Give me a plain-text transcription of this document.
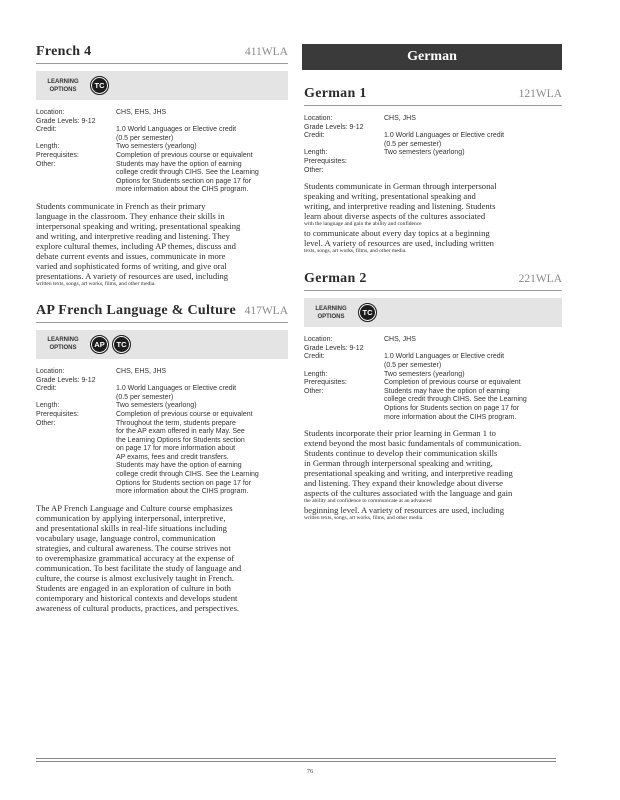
French 4	411WLA
LEARNING
OPTIONS	TC
Location:	CHS, EHS, JHS
Grade Levels: 9-12
Credit:	1.0 World Languages or Elective credit
(0.5 per semester)
Length:	Two semesters (yearlong)
Prerequisites:	Completion of previous course or equivalent
Other:	Students may have the option of earning
college credit through CIHS. See the Learning
Options for Students section on page 17 for
more information about the CIHS program.
Students communicate in French as their primary
language in the classroom. They enhance their skills in
interpersonal speaking and writing, presentational speaking
and writing, and interpretive reading and listening. They
explore cultural themes, including AP themes, discuss and
debate current events and issues, communicate in more
varied and sophisticated forms of writing, and give oral
presentations. A variety of resources are used, including
written texts, songs, art works, films, and other media.
AP French Language & Culture 417WLA
LEARNING
OPTIONS	AP	TC
Location:	CHS, EHS, JHS
Grade Levels: 9-12
Credit:	1.0 World Languages or Elective credit
(0.5 per semester)
Length:	Two semesters (yearlong)
Prerequisites:	Completion of previous course or equivalent
Other:	Throughout the term, students prepare
for the AP exam offered in early May. See
the Learning Options for Students section
on page 17 for more information about
AP exams, fees and credit transfers.
Students may have the option of earning
college credit through CIHS. See the Learning
Options for Students section on page 17 for
more information about the CIHS program.
The AP French Language and Culture course emphasizes
communication by applying interpersonal, interpretive,
and presentational skills in real-life situations including
vocabulary usage, language control, communication
strategies, and cultural awareness. The course strives not
to overemphasize grammatical accuracy at the expense of
communication. To best facilitate the study of language and
culture, the course is almost exclusively taught in French.
Students are engaged in an exploration of culture in both
contemporary and historical contexts and develops student
awareness of cultural products, practices, and perspectives.
German
German 1	121WLA
Location:	CHS, JHS
Grade Levels: 9-12
Credit:	1.0 World Languages or Elective credit
(0.5 per semester)
Length:	Two semesters (yearlong)
Prerequisites:
Other:
Students communicate in German through interpersonal
speaking and writing, presentational speaking and
writing, and interpretive reading and listening. Students
learn about diverse aspects of the cultures associated
with the language and gain the ability and confidence
to communicate about every day topics at a beginning
level. A variety of resources are used, including written
texts, songs, art works, films, and other media.
German 2	221WLA
LEARNING
OPTIONS	TC
Location:	CHS, JHS
Grade Levels: 9-12
Credit:	1.0 World Languages or Elective credit
(0.5 per semester)
Length:	Two semesters (yearlong)
Prerequisites:	Completion of previous course or equivalent
Other:	Students may have the option of earning
college credit through CIHS. See the Learning
Options for Students section on page 17 for
more information about the CIHS program.
Students incorporate their prior learning in German 1 to
extend beyond the most basic fundamentals of communication.
Students continue to develop their communication skills
in German through interpersonal speaking and writing,
presentational speaking and writing, and interpretive reading
and listening. They expand their knowledge about diverse
aspects of the cultures associated with the language and gain
the ability and confidence to communicate at an advanced
beginning level. A variety of resources are used, including
written texts, songs, art works, films, and other media.
76
